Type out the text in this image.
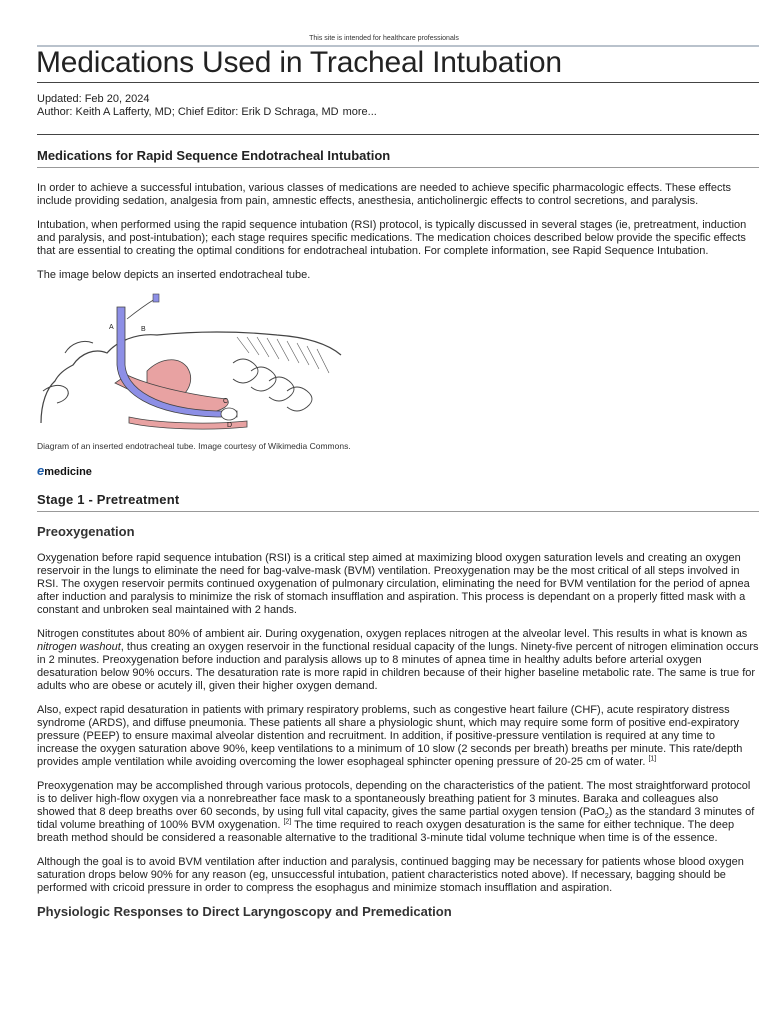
This site is intended for healthcare professionals
Medications Used in Tracheal Intubation
Updated: Feb 20, 2024
Author: Keith A Lafferty, MD; Chief Editor: Erik D Schraga, MD more...
Medications for Rapid Sequence Endotracheal Intubation

In order to achieve a successful intubation, various classes of medications are needed to achieve specific pharmacologic effects. These effects include providing sedation, analgesia from pain, amnestic effects, anesthesia, anticholinergic effects to control secretions, and paralysis.

Intubation, when performed using the rapid sequence intubation (RSI) protocol, is typically discussed in several stages (ie, pretreatment, induction and paralysis, and post-intubation); each stage requires specific medications. The medication choices described below provide the specific effects that are essential to creating the optimal conditions for endotracheal intubation. For complete information, see Rapid Sequence Intubation.

The image below depicts an inserted endotracheal tube.

A	B
C
D
Diagram of an inserted endotracheal tube. Image courtesy of Wikimedia Commons.
emedicine
Stage 1 - Pretreatment
Preoxygenation

Oxygenation before rapid sequence intubation (RSI) is a critical step aimed at maximizing blood oxygen saturation levels and creating an oxygen reservoir in the lungs to eliminate the need for bag-valve-mask (BVM) ventilation. Preoxygenation may be the most critical of all steps involved in RSI. The oxygen reservoir permits continued oxygenation of pulmonary circulation, eliminating the need for BVM ventilation for the period of apnea after induction and paralysis to minimize the risk of stomach insufflation and aspiration. This process is dependant on a properly fitted mask with a constant and unbroken seal maintained with 2 hands.

Nitrogen constitutes about 80% of ambient air. During oxygenation, oxygen replaces nitrogen at the alveolar level. This results in what is known as nitrogen washout, thus creating an oxygen reservoir in the functional residual capacity of the lungs. Ninety-five percent of nitrogen elimination occurs in 2 minutes. Preoxygenation before induction and paralysis allows up to 8 minutes of apnea time in healthy adults before arterial oxygen desaturation below 90% occurs. The desaturation rate is more rapid in children because of their higher baseline metabolic rate. The same is true for adults who are obese or acutely ill, given their higher oxygen demand.

Also, expect rapid desaturation in patients with primary respiratory problems, such as congestive heart failure (CHF), acute respiratory distress syndrome (ARDS), and diffuse pneumonia. These patients all share a physiologic shunt, which may require some form of positive end-expiratory pressure (PEEP) to ensure maximal alveolar distention and recruitment. In addition, if positive-pressure ventilation is required at any time to increase the oxygen saturation above 90%, keep ventilations to a minimum of 10 slow (2 seconds per breath) breaths per minute. This rate/depth provides ample ventilation while avoiding overcoming the lower esophageal sphincter opening pressure of 20-25 cm of water. [1]

Preoxygenation may be accomplished through various protocols, depending on the characteristics of the patient. The most straightforward protocol is to deliver high-flow oxygen via a nonrebreather face mask to a spontaneously breathing patient for 3 minutes. Baraka and colleagues also showed that 8 deep breaths over 60 seconds, by using full vital capacity, gives the same partial oxygen tension (PaO$_2$) as the standard 3 minutes of tidal volume breathing of 100% BVM oxygenation. [2] The time required to reach oxygen desaturation is the same for either technique. The deep breath method should be considered a reasonable alternative to the traditional 3-minute tidal volume technique when time is of the essence.

Although the goal is to avoid BVM ventilation after induction and paralysis, continued bagging may be necessary for patients whose blood oxygen saturation drops below 90% for any reason (eg, unsuccessful intubation, patient characteristics noted above). If necessary, bagging should be performed with cricoid pressure in order to compress the esophagus and minimize stomach insufflation and aspiration.

Physiologic Responses to Direct Laryngoscopy and Premedication
